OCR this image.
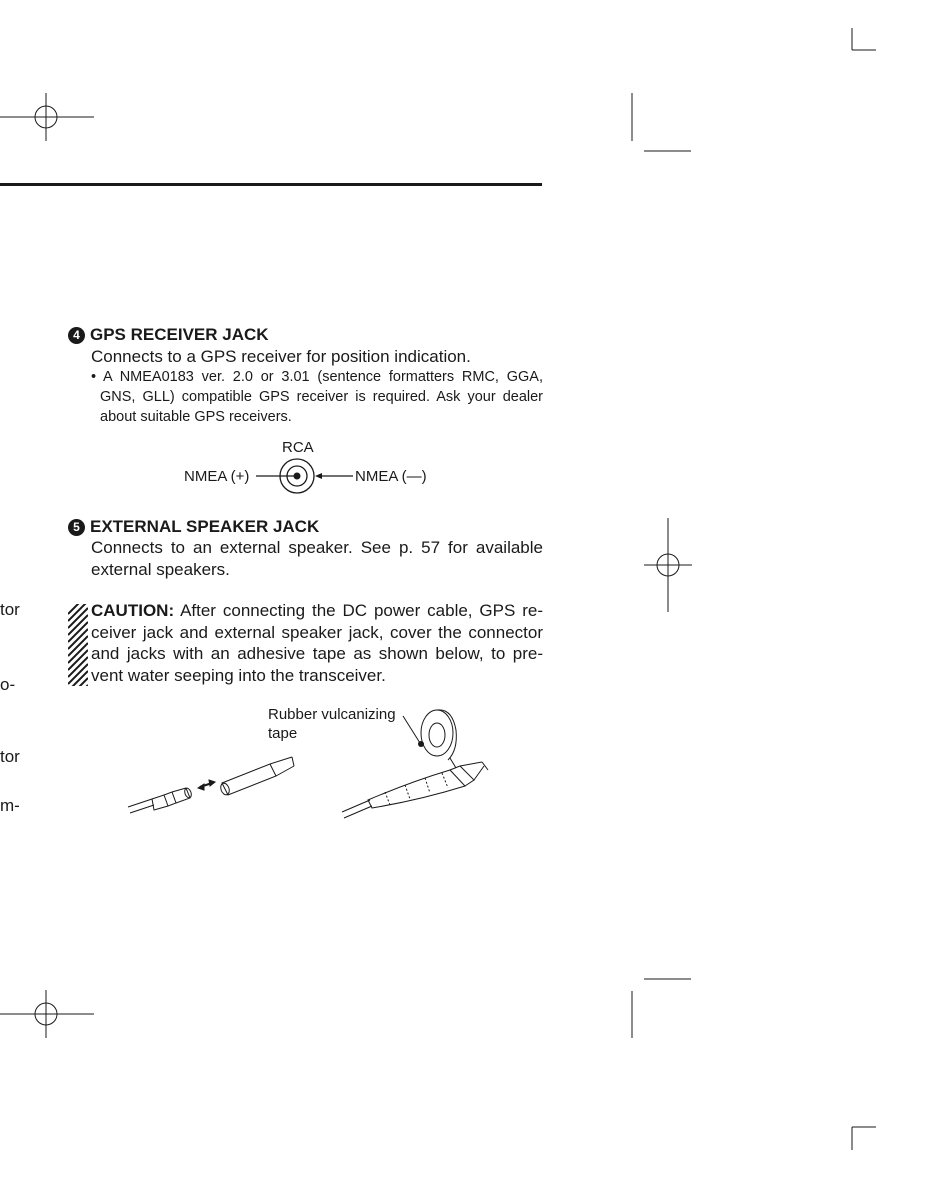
tor
o-
tor
m-
4 GPS RECEIVER JACK
Connects to a GPS receiver for position indication.
• A NMEA0183 ver. 2.0 or 3.01 (sentence formatters RMC, GGA,
GNS, GLL) compatible GPS receiver is required. Ask your dealer
about suitable GPS receivers.
RCA
NMEA (+)	NMEA (—)
5 EXTERNAL SPEAKER JACK
Connects to an external speaker. See p. 57 for available
external speakers.
CAUTION: After connecting the DC power cable, GPS re-
ceiver jack and external speaker jack, cover the connector
and jacks with an adhesive tape as shown below, to pre-
vent water seeping into the transceiver.
Rubber vulcanizing
tape
